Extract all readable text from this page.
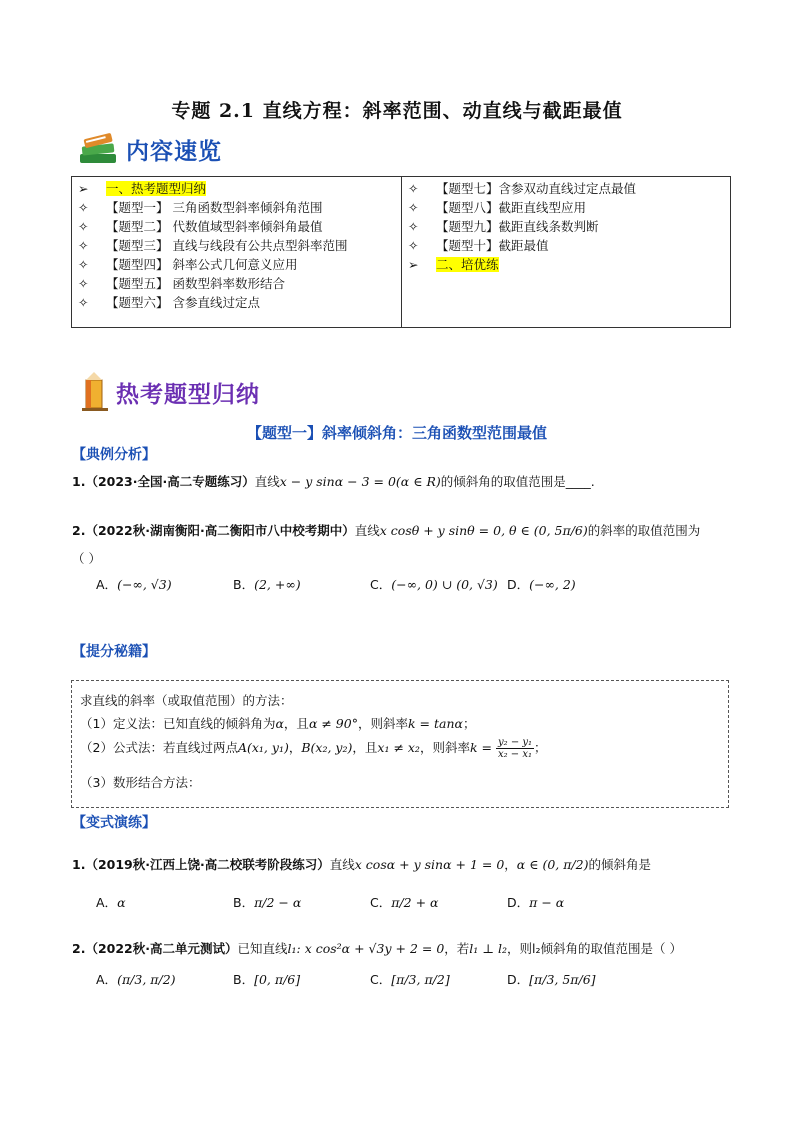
专题 2.1 直线方程：斜率范围、动直线与截距最值
内容速览
➢ 一、热考题型归纳
✧ 【题型一】 三角函数型斜率倾斜角范围
✧ 【题型二】 代数值域型斜率倾斜角最值
✧ 【题型三】 直线与线段有公共点型斜率范围
✧ 【题型四】 斜率公式几何意义应用
✧ 【题型五】 函数型斜率数形结合
✧ 【题型六】 含参直线过定点
✧ 【题型七】含参双动直线过定点最值
✧ 【题型八】截距直线型应用
✧ 【题型九】截距直线条数判断
✧ 【题型十】截距最值
➢ 二、培优练
热考题型归纳
【题型一】斜率倾斜角：三角函数型范围最值
【典例分析】
1.（2023·全国·高二专题练习）直线x − y sinα − 3 = 0(α ∈ R)的倾斜角的取值范围是____.
2.（2022秋·湖南衡阳·高二衡阳市八中校考期中）直线x cosθ + y sinθ = 0, θ ∈ (0, 5π/6)的斜率的取值范围为
（ ）
A．(−∞, √3)	B．(2, +∞)	C．(−∞, 0) ∪ (0, √3) D．(−∞, 2)
【提分秘籍】
求直线的斜率（或取值范围）的方法：
（1）定义法：已知直线的倾斜角为α，且α ≠ 90°，则斜率k = tanα；
（2）公式法：若直线过两点A(x₁, y₁)，B(x₂, y₂)，且x₁ ≠ x₂，则斜率$k = \frac{\text{y₂ − y₁}}{\text{x₂ − x₁}}$ ；
（3）数形结合方法：
【变式演练】
1.（2019秋·江西上饶·高二校联考阶段练习）直线x cosα + y sinα + 1 = 0，α ∈ (0, π/2)的倾斜角是
A．α	B．π/2 − α	C．π/2 + α	D．π − α
2.（2022秋·高二单元测试）已知直线l₁: x cos²α + √3y + 2 = 0，若l₁ ⊥ l₂，则l₂倾斜角的取值范围是（ ）
A．(π/3, π/2)	B．[0, π/6]	C．[π/3, π/2]	D．[π/3, 5π/6]
